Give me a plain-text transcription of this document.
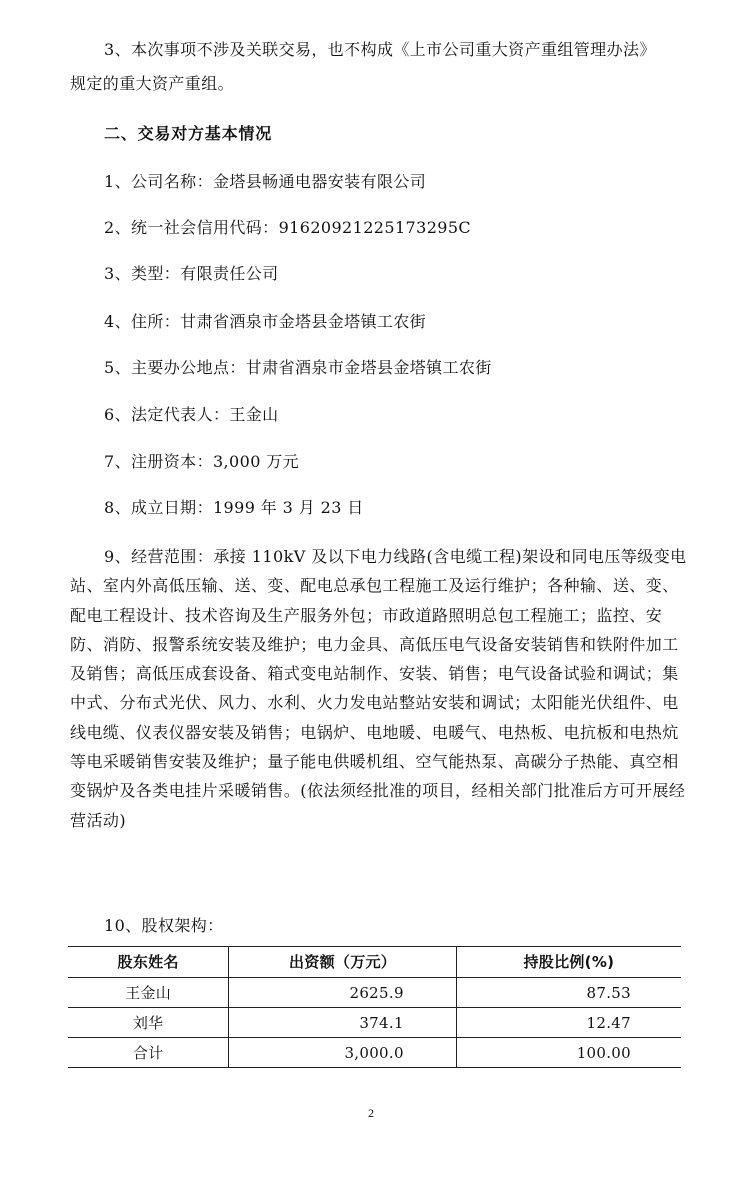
3、本次事项不涉及关联交易，也不构成《上市公司重大资产重组管理办法》
规定的重大资产重组。
二、交易对方基本情况
1、公司名称：金塔县畅通电器安装有限公司
2、统一社会信用代码：91620921225173295C
3、类型：有限责任公司
4、住所：甘肃省酒泉市金塔县金塔镇工农街
5、主要办公地点：甘肃省酒泉市金塔县金塔镇工农街
6、法定代表人：王金山
7、注册资本：3,000 万元
8、成立日期：1999 年 3 月 23 日
9、经营范围：承接 110kV 及以下电力线路(含电缆工程)架设和同电压等级变电站、室内外高低压输、送、变、配电总承包工程施工及运行维护；各种输、送、变、配电工程设计、技术咨询及生产服务外包；市政道路照明总包工程施工；监控、安防、消防、报警系统安装及维护；电力金具、高低压电气设备安装销售和铁附件加工及销售；高低压成套设备、箱式变电站制作、安装、销售；电气设备试验和调试；集中式、分布式光伏、风力、水利、火力发电站整站安装和调试；太阳能光伏组件、电线电缆、仪表仪器安装及销售；电锅炉、电地暖、电暖气、电热板、电抗板和电热炕等电采暖销售安装及维护；量子能电供暖机组、空气能热泵、高碳分子热能、真空相变锅炉及各类电挂片采暖销售。(依法须经批准的项目，经相关部门批准后方可开展经营活动)
10、股权架构：
股东姓名	出资额（万元）	持股比例(%)
王金山	2625.9	87.53
刘华	374.1	12.47
合计	3,000.0	100.00
2
